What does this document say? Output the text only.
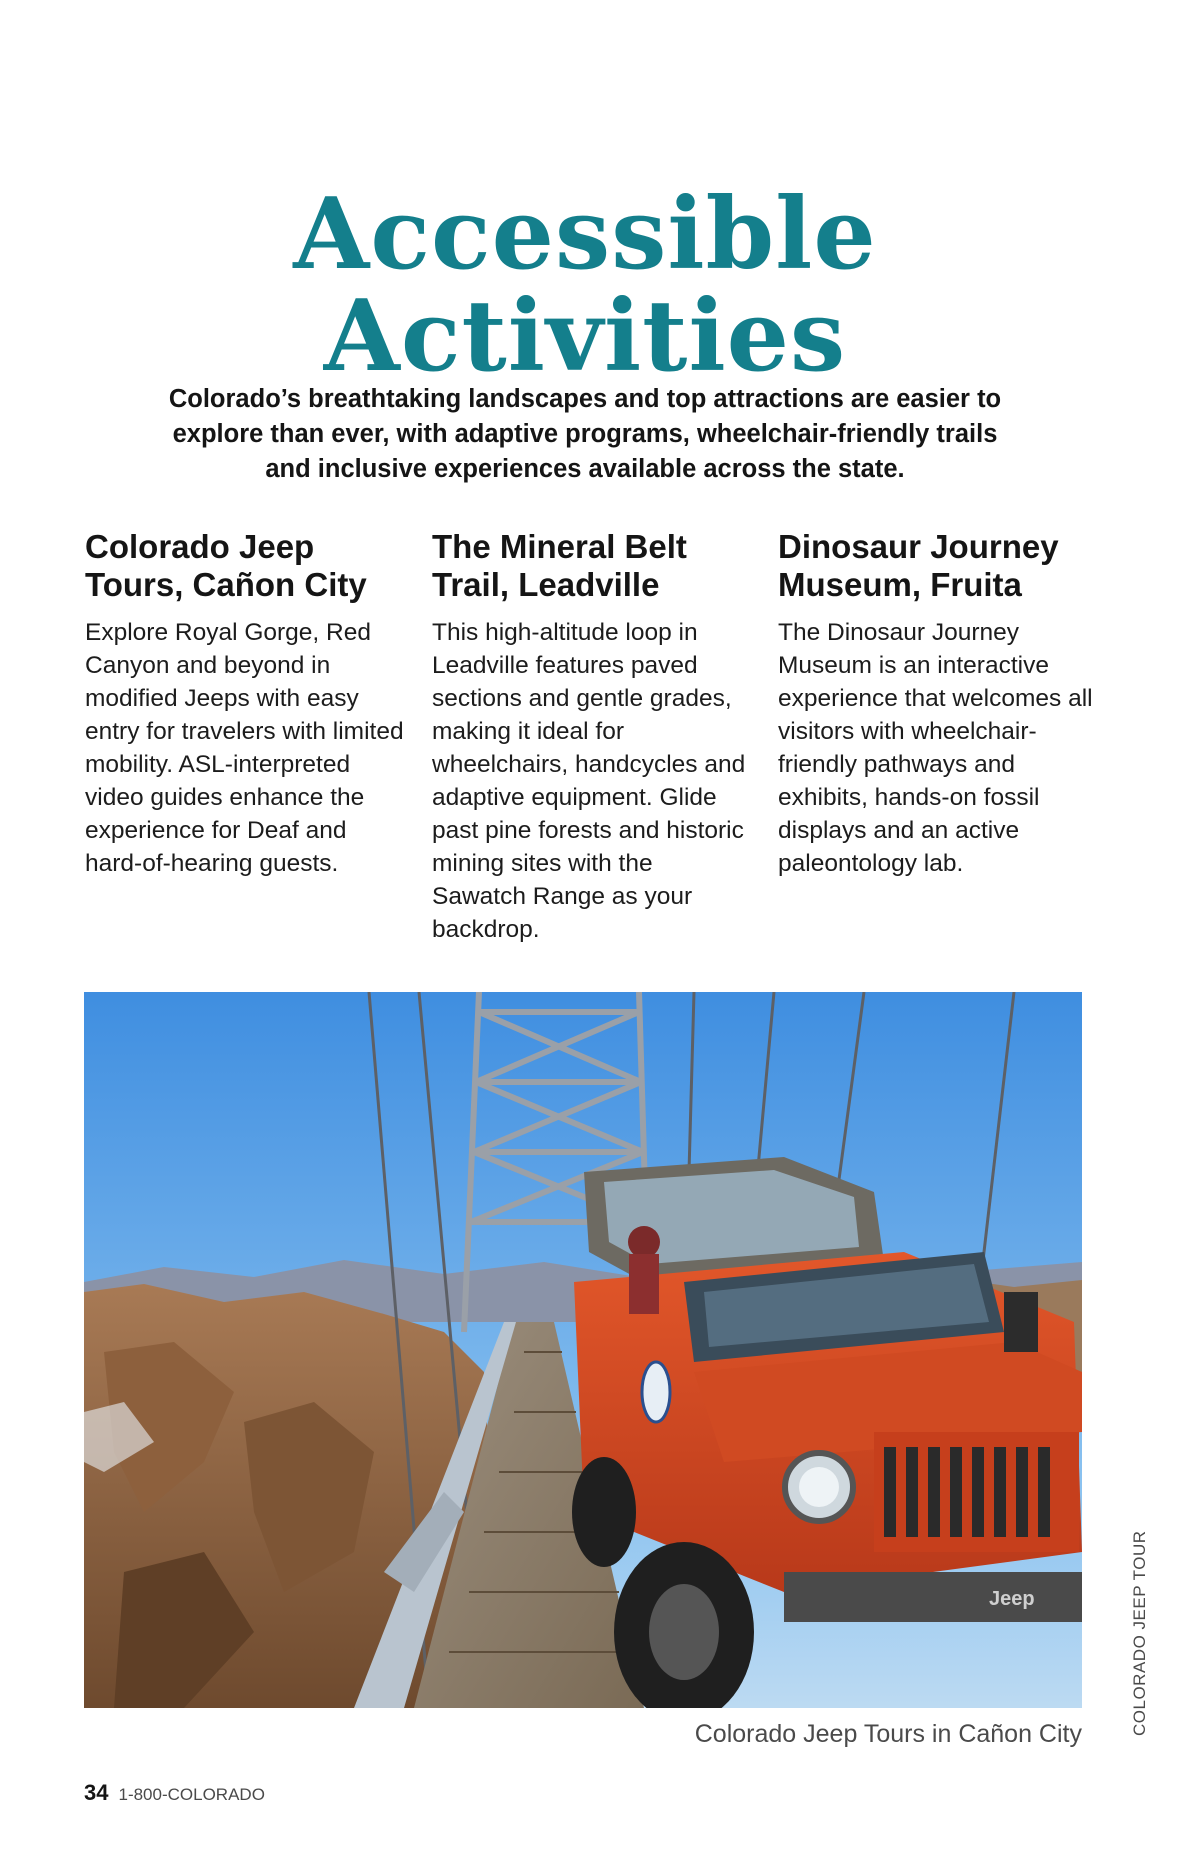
Accessible
Activities

Colorado’s breathtaking landscapes and top attractions are easier to explore than ever, with adaptive programs, wheelchair-friendly trails and inclusive experiences available across the state.

Colorado Jeep Tours, Cañon City

Explore Royal Gorge, Red Canyon and beyond in modified Jeeps with easy entry for travelers with limited mobility. ASL-interpreted video guides enhance the experience for Deaf and hard-of-hearing guests.

The Mineral Belt Trail, Leadville

This high-altitude loop in Leadville features paved sections and gentle grades, making it ideal for wheelchairs, handcycles and adaptive equipment. Glide past pine forests and historic mining sites with the Sawatch Range as your backdrop.

Dinosaur Journey Museum, Fruita

The Dinosaur Journey Museum is an interactive experience that welcomes all visitors with wheelchair-friendly pathways and exhibits, hands-on fossil displays and an active paleontology lab.

Jeep
Colorado Jeep Tours in Cañon City	COLORADO JEEP TOUR
34 1-800-COLORADO
